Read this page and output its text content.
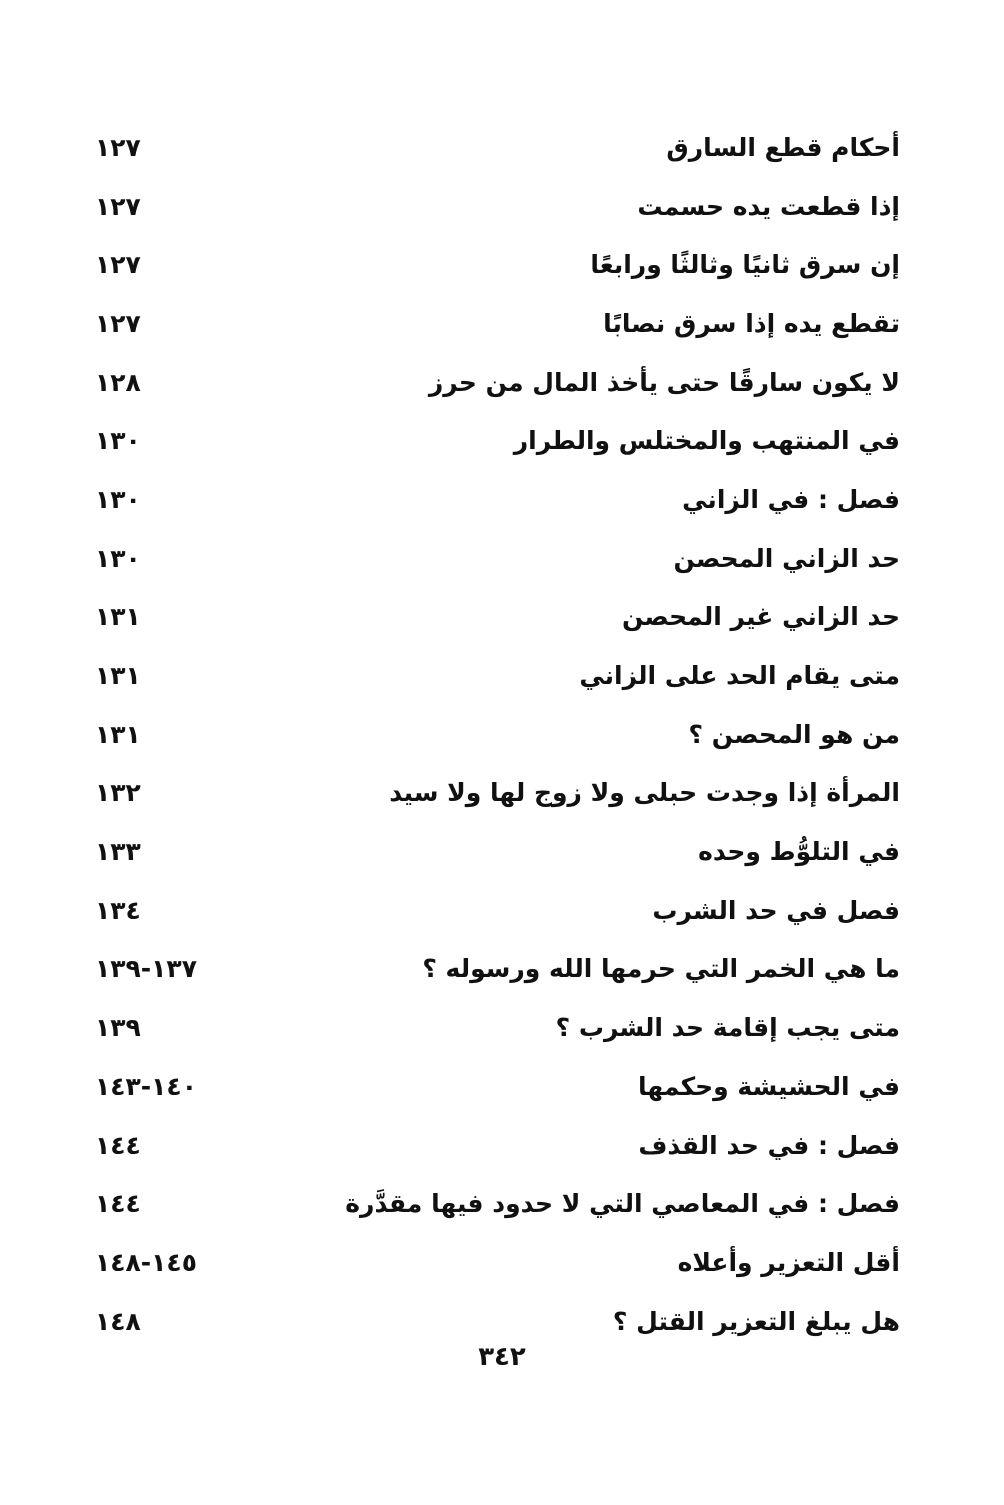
١٢٧	أحكام قطع السارق
١٢٧	إذا قطعت يده حسمت
١٢٧	إن سرق ثانيًا وثالثًا ورابعًا
١٢٧	تقطع يده إذا سرق نصابًا
١٢٨	لا يكون سارقًا حتى يأخذ المال من حرز
١٣٠	في المنتهب والمختلس والطرار
١٣٠	فصل : في الزاني
١٣٠	حد الزاني المحصن
١٣١	حد الزاني غير المحصن
١٣١	متى يقام الحد على الزاني
١٣١	من هو المحصن ؟
١٣٢	المرأة إذا وجدت حبلى ولا زوج لها ولا سيد
١٣٣	في التلوُّط وحده
١٣٤	فصل في حد الشرب
١٣٧-١٣٩	ما هي الخمر التي حرمها الله ورسوله ؟
١٣٩	متى يجب إقامة حد الشرب ؟
١٤٠-١٤٣	في الحشيشة وحكمها
١٤٤	فصل : في حد القذف
١٤٤	فصل : في المعاصي التي لا حدود فيها مقدَّرة
١٤٥-١٤٨	أقل التعزير وأعلاه
١٤٨	هل يبلغ التعزير القتل ؟
٣٤٢
